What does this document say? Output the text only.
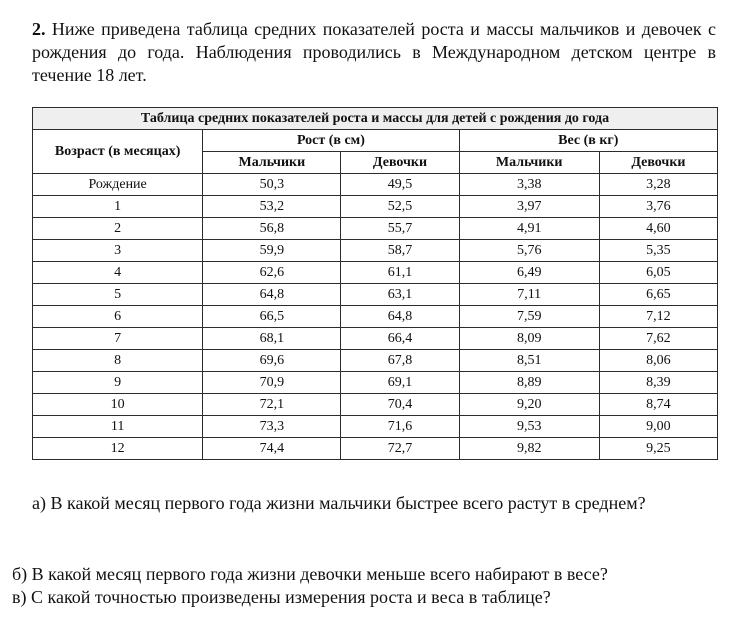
2. Ниже приведена таблица средних показателей роста и массы мальчиков и девочек с рождения до года. Наблюдения проводились в Международном детском центре в течение 18 лет.
Таблица средних показателей роста и массы для детей с рождения до года				
Возраст (в месяцах)	Рост (в см)		Вес (в кг)	
	Мальчики	Девочки	Мальчики	Девочки
Рождение	50,3	49,5	3,38	3,28
1	53,2	52,5	3,97	3,76
2	56,8	55,7	4,91	4,60
3	59,9	58,7	5,76	5,35
4	62,6	61,1	6,49	6,05
5	64,8	63,1	7,11	6,65
6	66,5	64,8	7,59	7,12
7	68,1	66,4	8,09	7,62
8	69,6	67,8	8,51	8,06
9	70,9	69,1	8,89	8,39
10	72,1	70,4	9,20	8,74
11	73,3	71,6	9,53	9,00
12	74,4	72,7	9,82	9,25
а) В какой месяц первого года жизни мальчики быстрее всего растут в среднем?
б) В какой месяц первого года жизни девочки меньше всего набирают в весе?
в) С какой точностью произведены измерения роста и веса в таблице?
